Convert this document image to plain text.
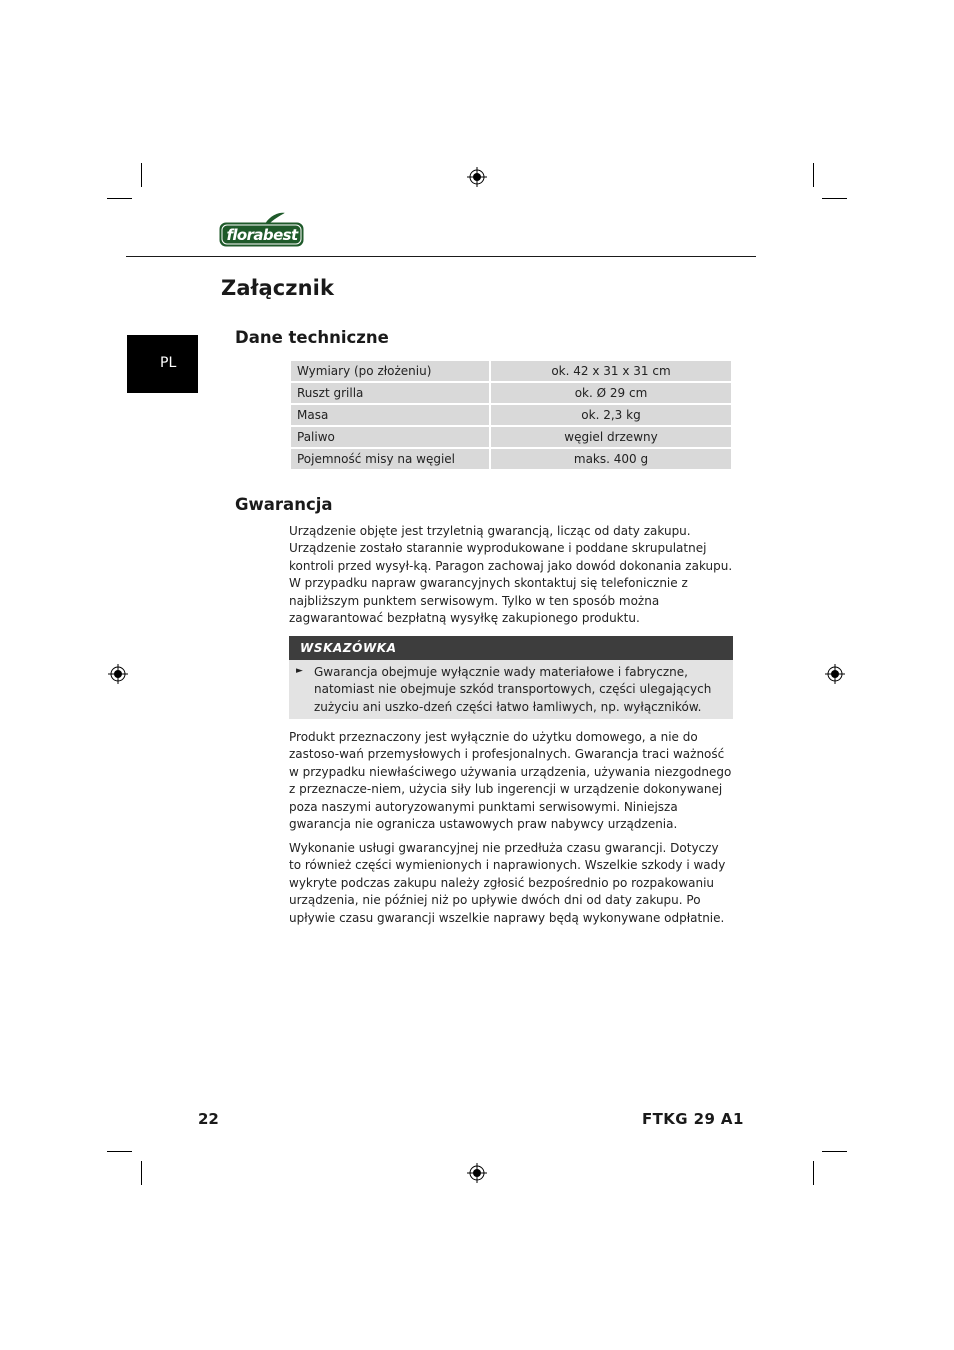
florabest
Załącznik
PL
Dane techniczne
Wymiary (po złożeniu)	ok. 42 x 31 x 31 cm
Ruszt grilla	ok. Ø 29 cm
Masa	ok. 2,3 kg
Paliwo	węgiel drzewny
Pojemność misy na węgiel	maks. 400 g
Gwarancja

Urządzenie objęte jest trzyletnią gwarancją, licząc od daty zakupu. Urządzenie zostało starannie wyprodukowane i poddane skrupulatnej kontroli przed wysył-ką. Paragon zachowaj jako dowód dokonania zakupu. W przypadku napraw gwarancyjnych skontaktuj się telefonicznie z najbliższym punktem serwisowym. Tylko w ten sposób można zagwarantować bezpłatną wysyłkę zakupionego produktu.

WSKAZÓWKA
► Gwarancja obejmuje wyłącznie wady materiałowe i fabryczne, natomiast nie obejmuje szkód transportowych, części ulegających zużyciu ani uszko-dzeń części łatwo łamliwych, np. wyłączników.

Produkt przeznaczony jest wyłącznie do użytku domowego, a nie do zastoso-wań przemysłowych i profesjonalnych. Gwarancja traci ważność w przypadku niewłaściwego używania urządzenia, używania niezgodnego z przeznacze-niem, użycia siły lub ingerencji w urządzenie dokonywanej poza naszymi autoryzowanymi punktami serwisowymi. Niniejsza gwarancja nie ogranicza ustawowych praw nabywcy urządzenia.

Wykonanie usługi gwarancyjnej nie przedłuża czasu gwarancji. Dotyczy to również części wymienionych i naprawionych. Wszelkie szkody i wady wykryte podczas zakupu należy zgłosić bezpośrednio po rozpakowaniu urządzenia, nie później niż po upływie dwóch dni od daty zakupu. Po upływie czasu gwarancji wszelkie naprawy będą wykonywane odpłatnie.

22	FTKG 29 A1
